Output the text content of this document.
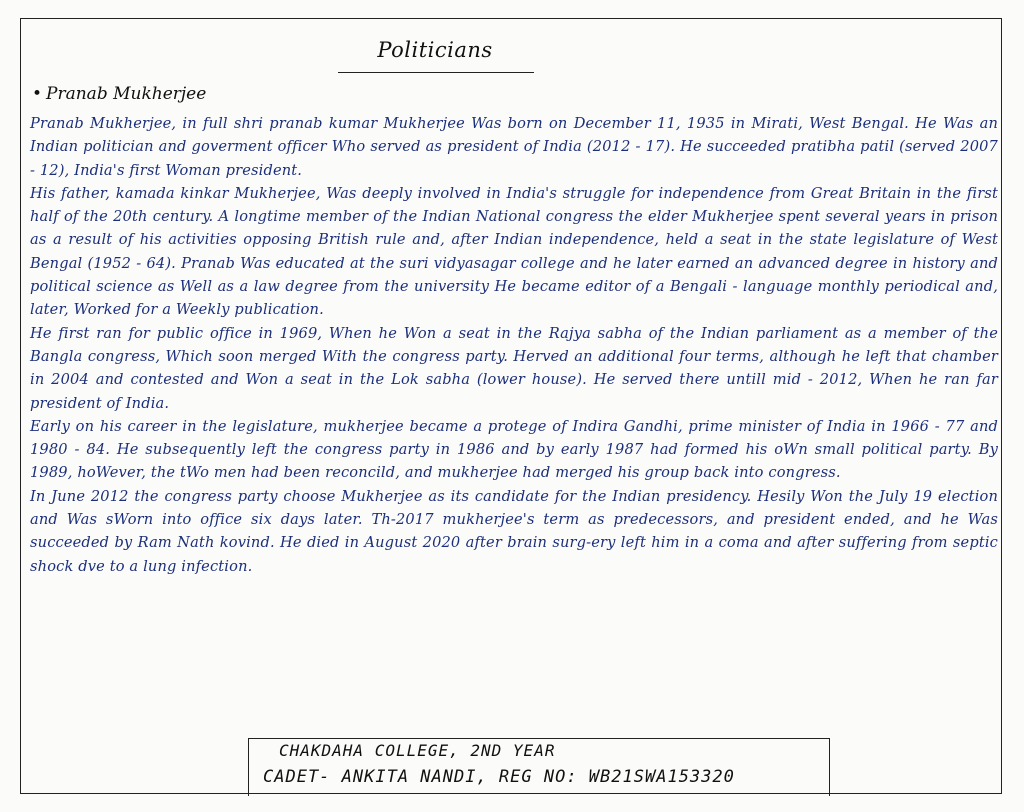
Politicians
• Pranab Mukherjee

Pranab Mukherjee, in full shri pranab kumar Mukherjee Was born on December 11, 1935 in Mirati, West Bengal. He Was an Indian politician and goverment officer Who served as president of India (2012 - 17). He succeeded pratibha patil (served 2007 - 12), India's first Woman president.

His father, kamada kinkar Mukherjee, Was deeply involved in India's struggle for independence from Great Britain in the first half of the 20th century. A longtime member of the Indian National congress the elder Mukherjee spent several years in prison as a result of his activities opposing British rule and, after Indian independence, held a seat in the state legislature of West Bengal (1952 - 64). Pranab Was educated at the suri vidyasagar college and he later earned an advanced degree in history and political science as Well as a law degree from the university He became editor of a Bengali - language monthly periodical and, later, Worked for a Weekly publication.

He first ran for public office in 1969, When he Won a seat in the Rajya sabha of the Indian parliament as a member of the Bangla congress, Which soon merged With the congress party. Herved an additional four terms, although he left that chamber in 2004 and contested and Won a seat in the Lok sabha (lower house). He served there untill mid - 2012, When he ran far president of India.

Early on his career in the legislature, mukherjee became a protege of Indira Gandhi, prime minister of India in 1966 - 77 and 1980 - 84. He subsequently left the congress party in 1986 and by early 1987 had formed his oWn small political party. By 1989, hoWever, the tWo men had been reconcild, and mukherjee had merged his group back into congress.

In June 2012 the congress party choose Mukherjee as its candidate for the Indian presidency. Hesily Won the July 19 election and Was sWorn into office six days later. Th-2017 mukherjee's term as predecessors, and president ended, and he Was succeeded by Ram Nath kovind. He died in August 2020 after brain surg-ery left him in a coma and after suffering from septic shock dve to a lung infection.

CHAKDAHA COLLEGE, 2ND YEAR
CADET- ANKITA NANDI, REG NO: WB21SWA153320
